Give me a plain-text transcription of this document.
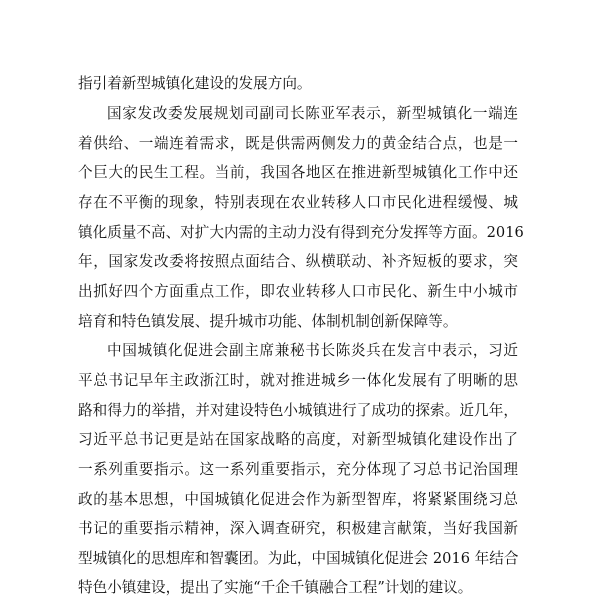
指引着新型城镇化建设的发展方向。
国家发改委发展规划司副司长陈亚军表示，新型城镇化一端连
着供给、一端连着需求，既是供需两侧发力的黄金结合点，也是一
个巨大的民生工程。当前，我国各地区在推进新型城镇化工作中还
存在不平衡的现象，特别表现在农业转移人口市民化进程缓慢、城
镇化质量不高、对扩大内需的主动力没有得到充分发挥等方面。2016
年，国家发改委将按照点面结合、纵横联动、补齐短板的要求，突
出抓好四个方面重点工作，即农业转移人口市民化、新生中小城市
培育和特色镇发展、提升城市功能、体制机制创新保障等。
中国城镇化促进会副主席兼秘书长陈炎兵在发言中表示，习近
平总书记早年主政浙江时，就对推进城乡一体化发展有了明晰的思
路和得力的举措，并对建设特色小城镇进行了成功的探索。近几年，
习近平总书记更是站在国家战略的高度，对新型城镇化建设作出了
一系列重要指示。这一系列重要指示，充分体现了习总书记治国理
政的基本思想，中国城镇化促进会作为新型智库，将紧紧围绕习总
书记的重要指示精神，深入调查研究，积极建言献策，当好我国新
型城镇化的思想库和智囊团。为此，中国城镇化促进会 2016 年结合
特色小镇建设，提出了实施“千企千镇融合工程”计划的建议。
